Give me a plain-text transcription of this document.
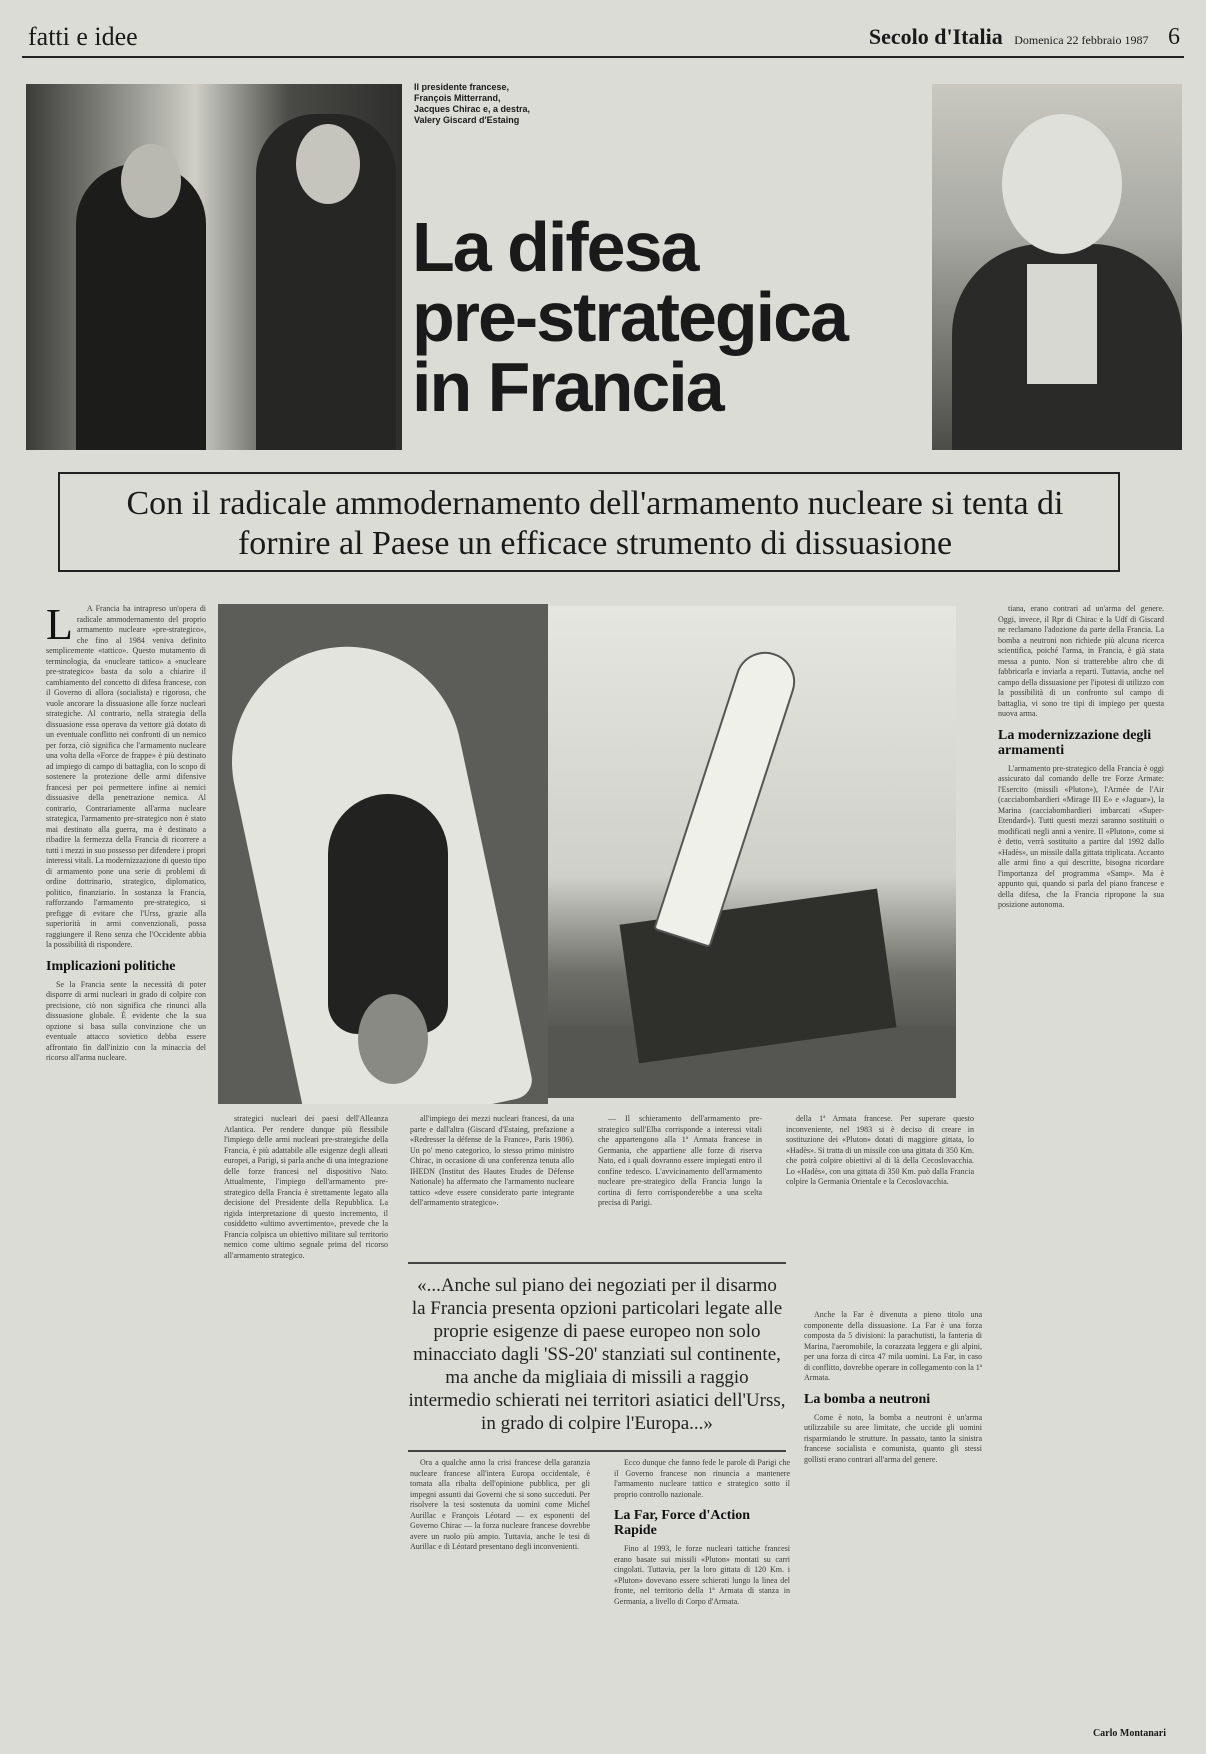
fatti e idee	Secolo d'Italia Domenica 22 febbraio 1987 6
Il presidente francese, François Mitterrand, Jacques Chirac e, a destra, Valery Giscard d'Estaing
La difesa
pre-strategica
in Francia
Con il radicale ammodernamento dell'armamento nucleare si tenta di fornire al Paese un efficace strumento di dissuasione
L	A Francia ha intrapreso un'opera di radicale ammodernamento del proprio armamento nucleare «pre-strategico», che fino al 1984 veniva definito semplicemente «tattico». Questo mutamento di terminologia, da «nucleare tattico» a «nucleare pre-strategico» basta da solo a chiarire il cambiamento del concetto di difesa francese, con il Governo di allora (socialista) e rigoroso, che vuole ancorare la dissuasione alle forze nucleari strategiche. Al contrario, nella strategia della dissuasione essa operava da vettore già dotato di un eventuale conflitto nei confronti di un nemico per forza, ciò significa che l'armamento nucleare una volta della «Force de frappe» è più destinato ad impiego di campo di battaglia, con lo scopo di sostenere la protezione delle armi difensive francesi per poi permettere infine ai nemici dissuasive della penetrazione nemica. Al contrario, Contrariamente all'arma nucleare strategica, l'armamento pre-strategico non è stato mai destinato alla guerra, ma è destinato a ribadire la fermezza della Francia di ricorrere a tutti i mezzi in suo possesso per difendere i propri interessi vitali. La modernizzazione di questo tipo di armamento pone una serie di problemi di ordine dottrinario, strategico, diplomatico, politico, finanziario. In sostanza la Francia, rafforzando l'armamento pre-strategico, si prefigge di evitare che l'Urss, grazie alla superiorità in armi convenzionali, possa raggiungere il Reno senza che l'Occidente abbia la possibilità di rispondere.

Implicazioni politiche

Se la Francia sente la necessità di poter disporre di armi nucleari in grado di colpire con precisione, ciò non significa che rinunci alla dissuasione globale. È evidente che la sua opzione si basa sulla convinzione che un eventuale attacco sovietico debba essere affrontato fin dall'inizio con la minaccia del ricorso all'arma nucleare.

strategici nucleari dei paesi dell'Alleanza Atlantica. Per rendere dunque più flessibile l'impiego delle armi nucleari pre-strategiche della Francia, è più adattabile alle esigenze degli alleati europei, a Parigi, si parla anche di una integrazione delle forze francesi nel dispositivo Nato. Attualmente, l'impiego dell'armamento pre-strategico della Francia è strettamente legato alla decisione del Presidente della Repubblica. La rigida interpretazione di questo incremento, il cosiddetto «ultimo avvertimento», prevede che la Francia colpisca un obiettivo militare sul territorio nemico come ultimo segnale prima del ricorso all'armamento strategico.

all'impiego dei mezzi nucleari francesi, da una parte e dall'altra (Giscard d'Estaing, prefazione a «Redresser la défense de la France», Paris 1986). Un po' meno categorico, lo stesso primo ministro Chirac, in occasione di una conferenza tenuta allo IHEDN (Institut des Hautes Etudes de Défense Nationale) ha affermato che l'armamento nucleare tattico «deve essere considerato parte integrante dell'armamento strategico».

— Il schieramento dell'armamento pre-strategico sull'Elba corrisponde a interessi vitali che appartengono alla 1ª Armata francese in Germania, che appartiene alle forze di riserva Nato, ed i quali dovranno essere impiegati entro il confine tedesco. L'avvicinamento dell'armamento nucleare pre-strategico della Francia lungo la cortina di ferro corrisponderebbe a una scelta precisa di Parigi.

della 1ª Armata francese. Per superare questo inconveniente, nel 1983 si è deciso di creare in sostituzione dei «Pluton» dotati di maggiore gittata, lo «Hadès». Si tratta di un missile con una gittata di 350 Km. che potrà colpire obiettivi al di là della Cecoslovacchia. Lo «Hadès», con una gittata di 350 Km. può dalla Francia colpire la Germania Orientale e la Cecoslovacchia.

«...Anche sul piano dei negoziati per il disarmo la Francia presenta opzioni particolari legate alle proprie esigenze di paese europeo non solo minacciato dagli 'SS-20' stanziati sul continente, ma anche da migliaia di missili a raggio intermedio schierati nei territori asiatici dell'Urss, in grado di colpire l'Europa...»

Ora a qualche anno la crisi francese della garanzia nucleare francese all'intera Europa occidentale, è tornata alla ribalta dell'opinione pubblica, per gli impegni assunti dai Governi che si sono succeduti. Per risolvere la tesi sostenuta da uomini come Michel Aurillac e François Léotard — ex esponenti del Governo Chirac — la forza nucleare francese dovrebbe avere un ruolo più ampio. Tuttavia, anche le tesi di Aurillac e di Léotard presentano degli inconvenienti.

Ecco dunque che fanno fede le parole di Parigi che il Governo francese non rinuncia a mantenere l'armamento nucleare tattico e strategico sotto il proprio controllo nazionale.

La Far, Force d'Action Rapide

Fino al 1993, le forze nucleari tattiche francesi erano basate sui missili «Pluton» montati su carri cingolati. Tuttavia, per la loro gittata di 120 Km. i «Pluton» dovevano essere schierati lungo la linea del fronte, nel territorio della 1ª Armata di stanza in Germania, a livello di Corpo d'Armata.

Anche la Far è divenuta a pieno titolo una componente della dissuasione. La Far è una forza composta da 5 divisioni: la parachutisti, la fanteria di Marina, l'aeromobile, la corazzata leggera e gli alpini, per una forza di circa 47 mila uomini. La Far, in caso di conflitto, dovrebbe operare in collegamento con la 1ª Armata.

La bomba a neutroni

Come è noto, la bomba a neutroni è un'arma utilizzabile su aree limitate, che uccide gli uomini risparmiando le strutture. In passato, tanto la sinistra francese socialista e comunista, quanto gli stessi gollisti erano contrari all'arma del genere.

tiana, erano contrari ad un'arma del genere. Oggi, invece, il Rpr di Chirac e la Udf di Giscard ne reclamano l'adozione da parte della Francia. La bomba a neutroni non richiede più alcuna ricerca scientifica, poiché l'arma, in Francia, è già stata messa a punto. Non si tratterebbe altro che di fabbricarla e inviarla a reparti. Tuttavia, anche nel campo della dissuasione per l'ipotesi di utilizzo con la possibilità di un confronto sul campo di battaglia, vi sono tre tipi di impiego per questa nuova arma.

La modernizzazione degli armamenti

L'armamento pre-strategico della Francia è oggi assicurato dal comando delle tre Forze Armate: l'Esercito (missili «Pluton»), l'Armée de l'Air (cacciabombardieri «Mirage III E» e «Jaguar»), la Marina (cacciabombardieri imbarcati «Super-Etendard»). Tutti questi mezzi saranno sostituiti o modificati negli anni a venire. Il «Pluton», come si è detto, verrà sostituito a partire dal 1992 dallo «Hadès», un missile dalla gittata triplicata. Accanto alle armi fino a qui descritte, bisogna ricordare l'importanza del programma «Samp». Ma è appunto qui, quando si parla del piano francese e della difesa, che la Francia ripropone la sua posizione autonoma.

Carlo Montanari
